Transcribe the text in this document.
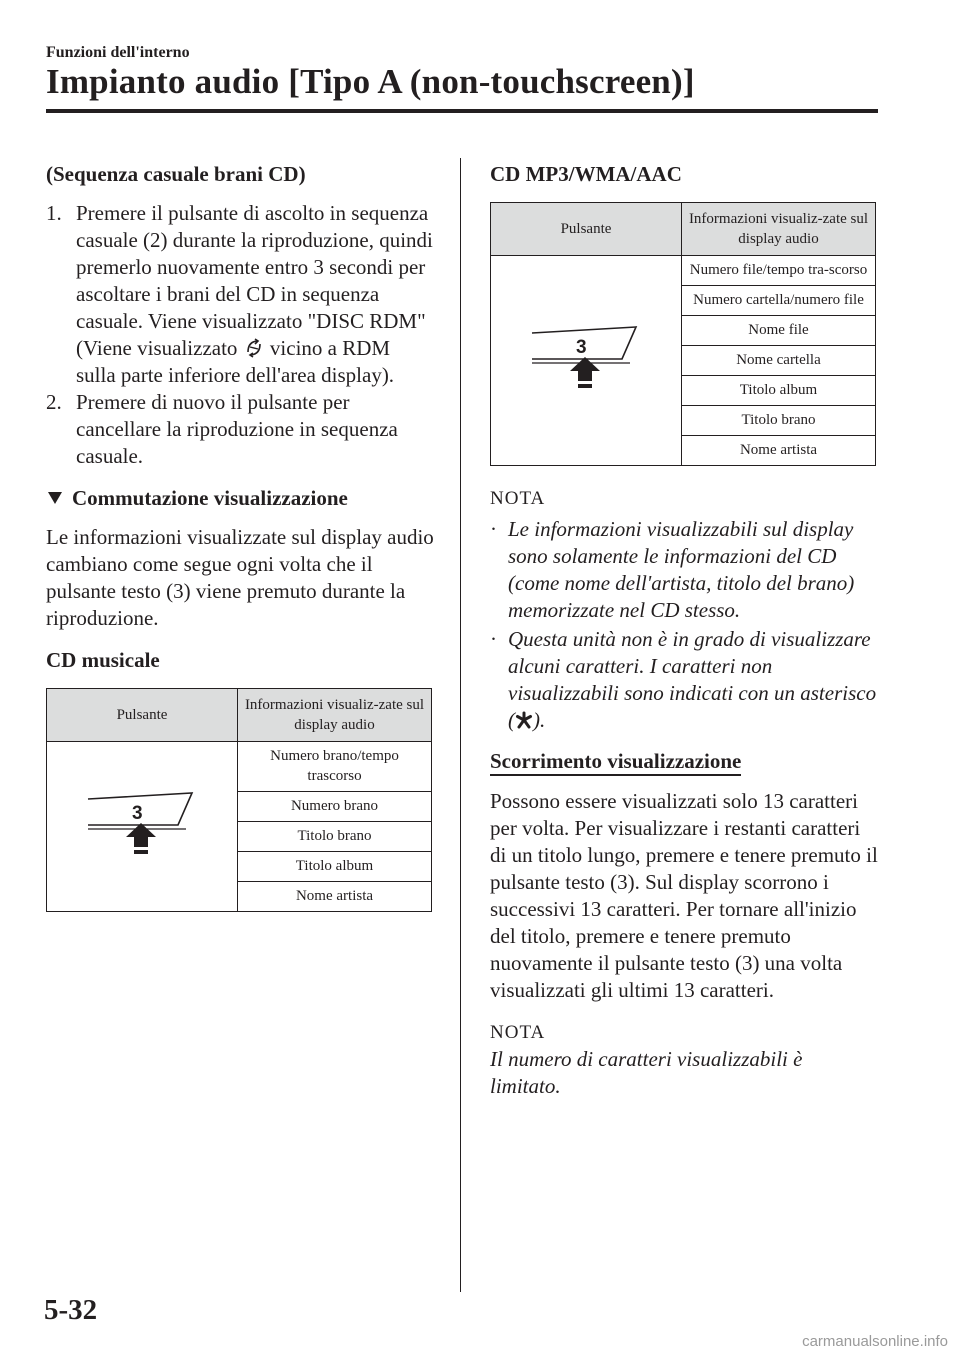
Funzioni dell'interno
Impianto audio [Tipo A (non-touchscreen)]
(Sequenza casuale brani CD)
1. Premere il pulsante di ascolto in sequenza casuale (2) durante la riproduzione, quindi premerlo nuovamente entro 3 secondi per ascoltare i brani del CD in sequenza casuale. Viene visualizzato "DISC RDM" (Viene visualizzato vicino a RDM sulla parte inferiore dell'area display).
2. Premere di nuovo il pulsante per cancellare la riproduzione in sequenza casuale.
Commutazione visualizzazione

Le informazioni visualizzate sul display audio cambiano come segue ogni volta che il pulsante testo (3) viene premuto durante la riproduzione.

CD musicale
Pulsante	Informazioni visualiz-zate sul display audio

3	Numero brano/tempo trascorso
	Numero brano
	Titolo brano
	Titolo album
	Nome artista
CD MP3/WMA/AAC
Pulsante	Informazioni visualiz-zate sul display audio

3	Numero file/tempo tra-scorso
	Numero cartella/numero file
	Nome file
	Nome cartella
	Titolo album
	Titolo brano
	Nome artista
NOTA
· Le informazioni visualizzabili sul display sono solamente le informazioni del CD (come nome dell'artista, titolo del brano) memorizzate nel CD stesso.
· Questa unità non è in grado di visualizzare alcuni caratteri. I caratteri non visualizzabili sono indicati con un asterisco ( ).
Scorrimento visualizzazione

Possono essere visualizzati solo 13 caratteri per volta. Per visualizzare i restanti caratteri di un titolo lungo, premere e tenere premuto il pulsante testo (3). Sul display scorrono i successivi 13 caratteri. Per tornare all'inizio del titolo, premere e tenere premuto nuovamente il pulsante testo (3) una volta visualizzati gli ultimi 13 caratteri.

NOTA

Il numero di caratteri visualizzabili è limitato.

5-32
carmanualsonline.info
